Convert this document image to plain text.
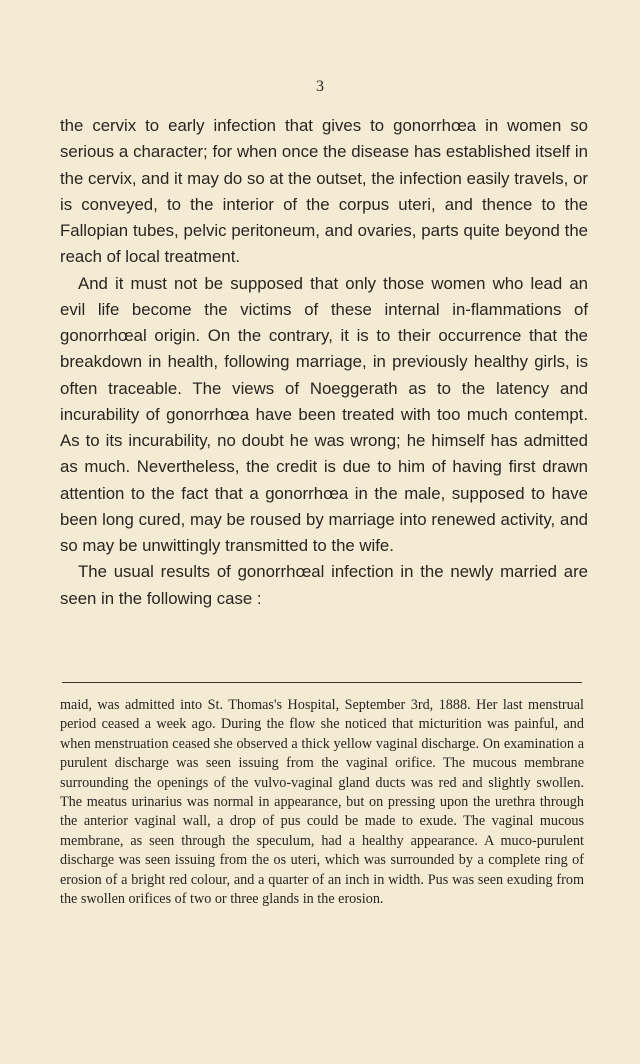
3

the cervix to early infection that gives to gonorrhœa in women so serious a character; for when once the disease has established itself in the cervix, and it may do so at the outset, the infection easily travels, or is conveyed, to the interior of the corpus uteri, and thence to the Fallopian tubes, pelvic peritoneum, and ovaries, parts quite beyond the reach of local treatment.

And it must not be supposed that only those women who lead an evil life become the victims of these internal in-flammations of gonorrhœal origin. On the contrary, it is to their occurrence that the breakdown in health, following marriage, in previously healthy girls, is often traceable. The views of Noeggerath as to the latency and incurability of gonorrhœa have been treated with too much contempt. As to its incurability, no doubt he was wrong; he himself has admitted as much. Nevertheless, the credit is due to him of having first drawn attention to the fact that a gonorrhœa in the male, supposed to have been long cured, may be roused by marriage into renewed activity, and so may be unwittingly transmitted to the wife.

The usual results of gonorrhœal infection in the newly married are seen in the following case :

maid, was admitted into St. Thomas's Hospital, September 3rd, 1888. Her last menstrual period ceased a week ago. During the flow she noticed that micturition was painful, and when menstruation ceased she observed a thick yellow vaginal discharge. On examination a purulent discharge was seen issuing from the vaginal orifice. The mucous membrane surrounding the openings of the vulvo-vaginal gland ducts was red and slightly swollen. The meatus urinarius was normal in appearance, but on pressing upon the urethra through the anterior vaginal wall, a drop of pus could be made to exude. The vaginal mucous membrane, as seen through the speculum, had a healthy appearance. A muco-purulent discharge was seen issuing from the os uteri, which was surrounded by a complete ring of erosion of a bright red colour, and a quarter of an inch in width. Pus was seen exuding from the swollen orifices of two or three glands in the erosion.
